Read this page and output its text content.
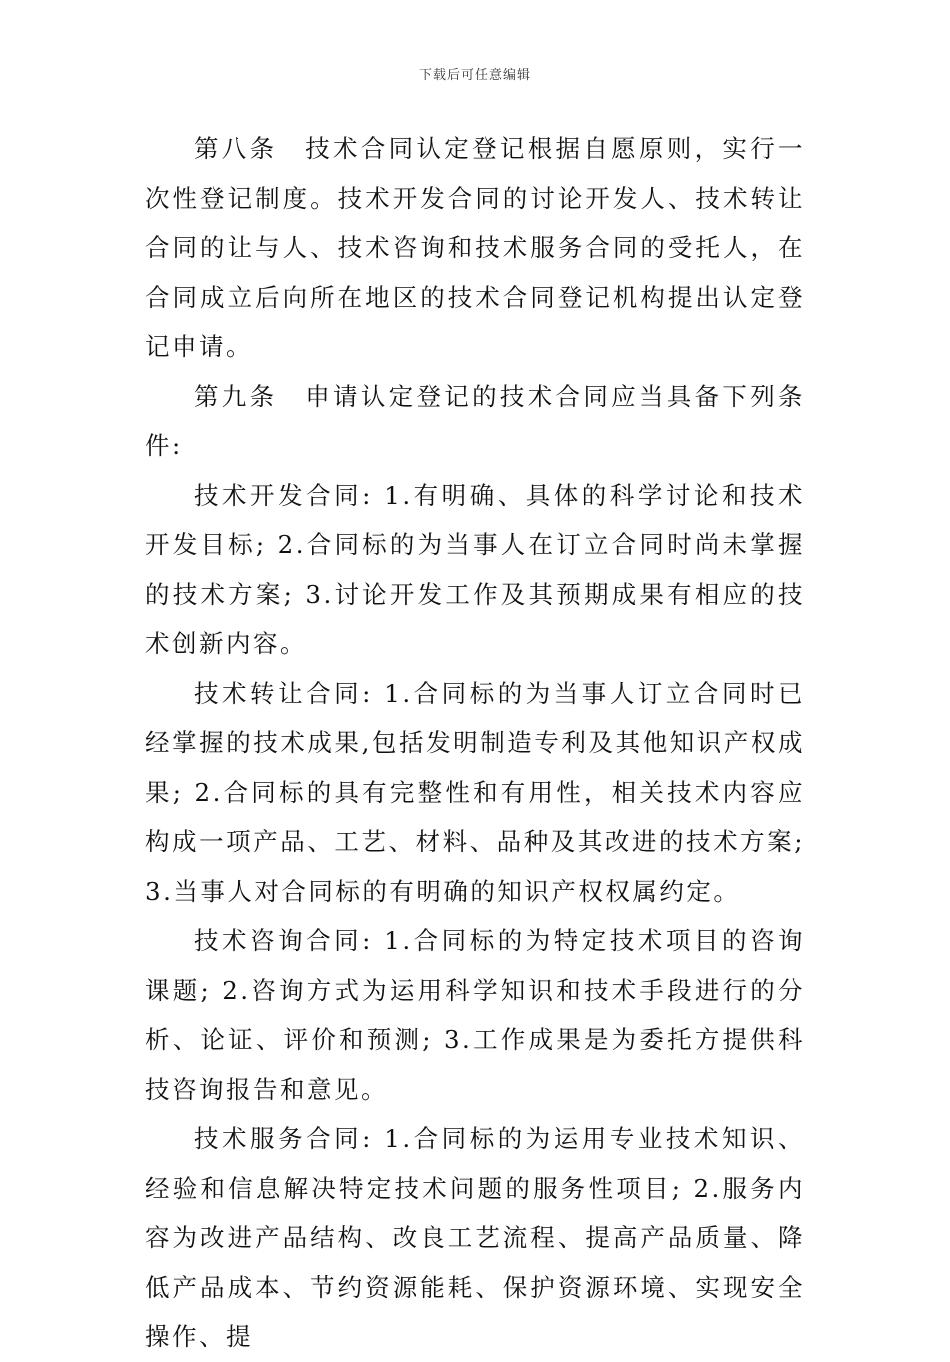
下载后可任意编辑

第八条　技术合同认定登记根据自愿原则，实行一次性登记制度。技术开发合同的讨论开发人、技术转让合同的让与人、技术咨询和技术服务合同的受托人，在合同成立后向所在地区的技术合同登记机构提出认定登记申请。

第九条　申请认定登记的技术合同应当具备下列条件:

技术开发合同: 1.有明确、具体的科学讨论和技术开发目标; 2.合同标的为当事人在订立合同时尚未掌握的技术方案; 3.讨论开发工作及其预期成果有相应的技术创新内容。

技术转让合同: 1.合同标的为当事人订立合同时已经掌握的技术成果,包括发明制造专利及其他知识产权成果; 2.合同标的具有完整性和有用性，相关技术内容应构成一项产品、工艺、材料、品种及其改进的技术方案; 3.当事人对合同标的有明确的知识产权权属约定。

技术咨询合同: 1.合同标的为特定技术项目的咨询课题; 2.咨询方式为运用科学知识和技术手段进行的分析、论证、评价和预测; 3.工作成果是为委托方提供科技咨询报告和意见。

技术服务合同: 1.合同标的为运用专业技术知识、经验和信息解决特定技术问题的服务性项目; 2.服务内容为改进产品结构、改良工艺流程、提高产品质量、降低产品成本、节约资源能耗、保护资源环境、实现安全操作、提
